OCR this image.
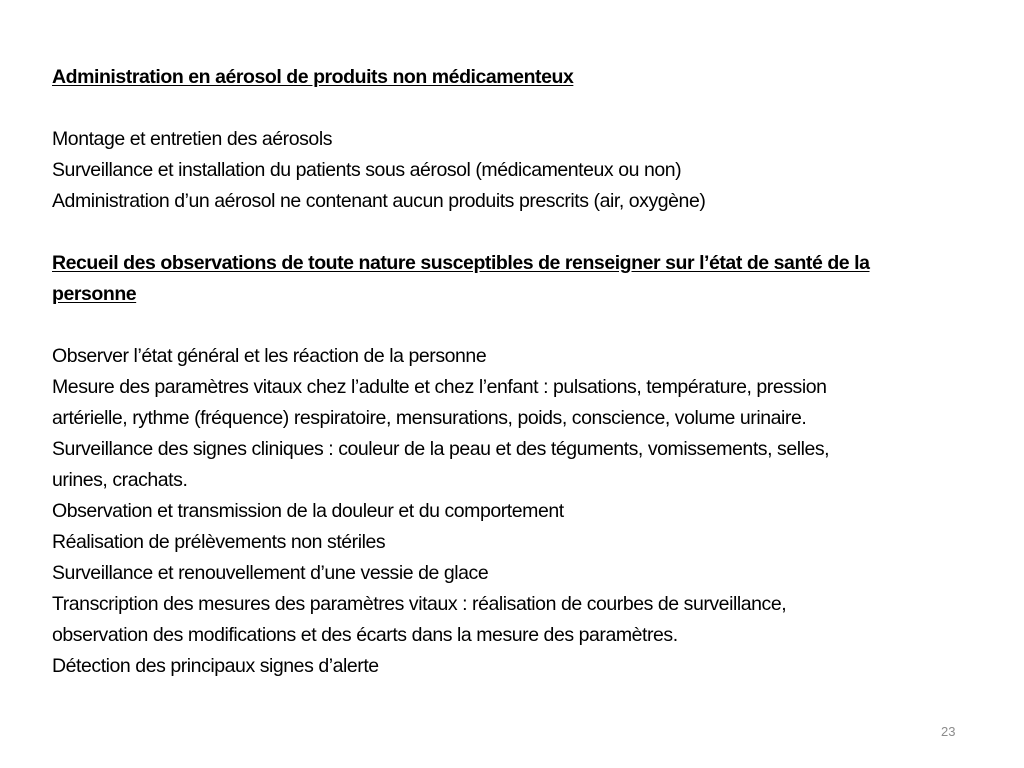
Administration en aérosol de produits non médicamenteux

Montage et entretien des aérosols

Surveillance et installation du patients sous aérosol (médicamenteux ou non)

Administration d’un aérosol ne contenant aucun produits prescrits (air, oxygène)

Recueil des observations de toute nature susceptibles de renseigner sur l’état de santé de la

personne

Observer l’état général et les réaction de la personne

Mesure des paramètres vitaux chez l’adulte et chez l’enfant : pulsations, température, pression

artérielle, rythme (fréquence) respiratoire, mensurations, poids, conscience, volume urinaire.

Surveillance des signes cliniques : couleur de la peau et des téguments, vomissements, selles,

urines, crachats.

Observation et transmission de la douleur et du comportement

Réalisation de prélèvements non stériles

Surveillance et renouvellement d’une vessie de glace

Transcription des mesures des paramètres vitaux : réalisation de courbes de surveillance,

observation des modifications et des écarts dans la mesure des paramètres.

Détection des principaux signes d’alerte

23
